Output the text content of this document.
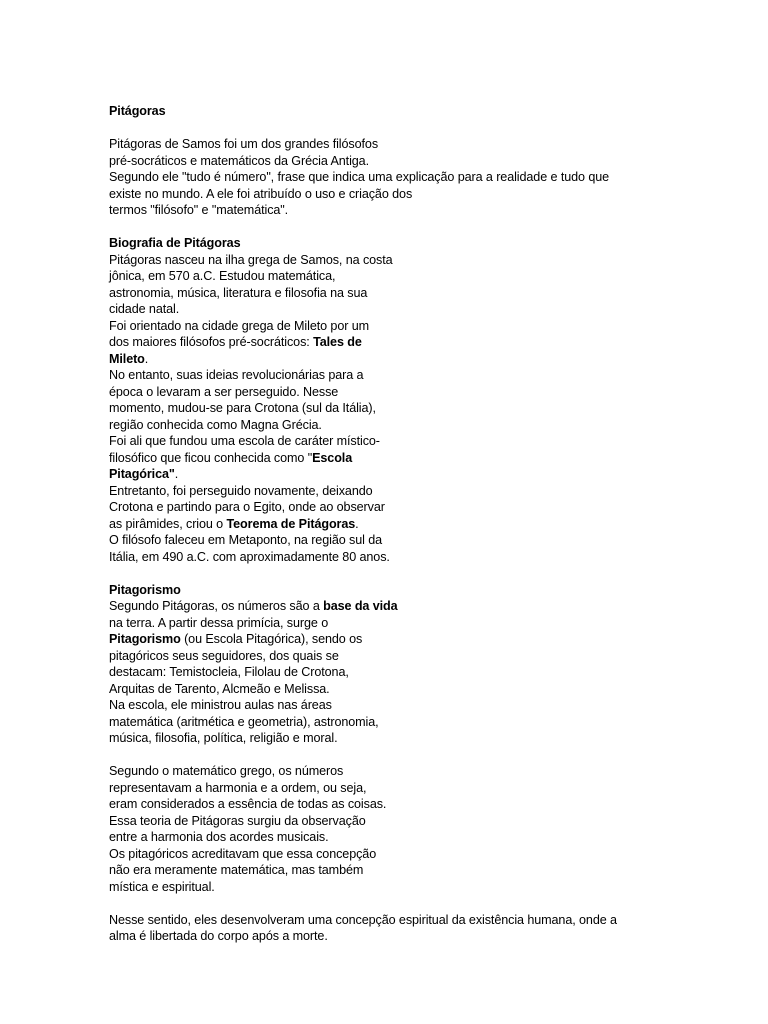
Pitágoras
Pitágoras de Samos foi um dos grandes filósofos
pré-socráticos e matemáticos da Grécia Antiga.
Segundo ele "tudo é número", frase que indica uma explicação para a realidade e tudo que
existe no mundo. A ele foi atribuído o uso e criação dos
termos "filósofo" e "matemática".
Biografia de Pitágoras
Pitágoras nasceu na ilha grega de Samos, na costa
jônica, em 570 a.C. Estudou matemática,
astronomia, música, literatura e filosofia na sua
cidade natal.
Foi orientado na cidade grega de Mileto por um
dos maiores filósofos pré-socráticos: Tales de
Mileto.
No entanto, suas ideias revolucionárias para a
época o levaram a ser perseguido. Nesse
momento, mudou-se para Crotona (sul da Itália),
região conhecida como Magna Grécia.
Foi ali que fundou uma escola de caráter místico-
filosófico que ficou conhecida como "Escola
Pitagórica".
Entretanto, foi perseguido novamente, deixando
Crotona e partindo para o Egito, onde ao observar
as pirâmides, criou o Teorema de Pitágoras.
O filósofo faleceu em Metaponto, na região sul da
Itália, em 490 a.C. com aproximadamente 80 anos.
Pitagorismo
Segundo Pitágoras, os números são a base da vida
na terra. A partir dessa primícia, surge o
Pitagorismo (ou Escola Pitagórica), sendo os
pitagóricos seus seguidores, dos quais se
destacam: Temistocleia, Filolau de Crotona,
Arquitas de Tarento, Alcmeão e Melissa.
Na escola, ele ministrou aulas nas áreas
matemática (aritmética e geometria), astronomia,
música, filosofia, política, religião e moral.
Segundo o matemático grego, os números
representavam a harmonia e a ordem, ou seja,
eram considerados a essência de todas as coisas.
Essa teoria de Pitágoras surgiu da observação
entre a harmonia dos acordes musicais.
Os pitagóricos acreditavam que essa concepção
não era meramente matemática, mas também
mística e espiritual.
Nesse sentido, eles desenvolveram uma concepção espiritual da existência humana, onde a
alma é libertada do corpo após a morte.
